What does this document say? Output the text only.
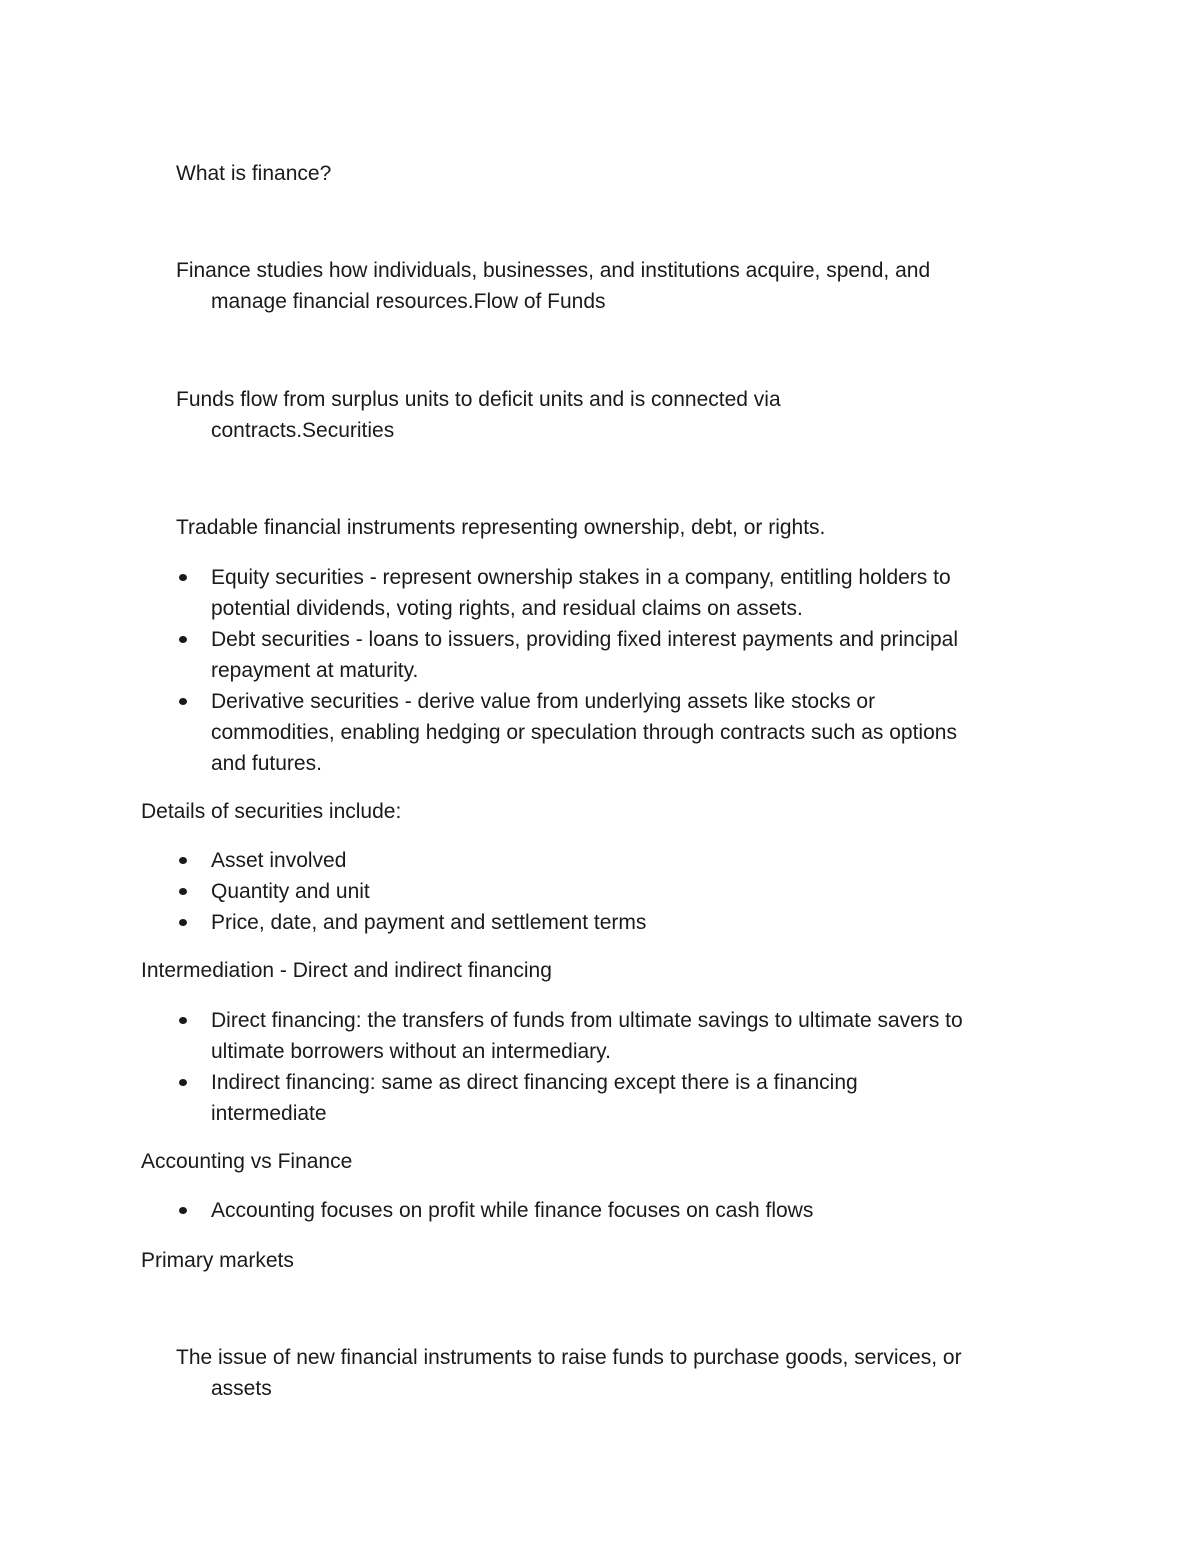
What is finance?
Finance studies how individuals, businesses, and institutions acquire, spend, and
manage financial resources.Flow of Funds
Funds flow from surplus units to deficit units and is connected via
contracts.Securities
Tradable financial instruments representing ownership, debt, or rights.
Equity securities - represent ownership stakes in a company, entitling holders to
potential dividends, voting rights, and residual claims on assets.
Debt securities - loans to issuers, providing fixed interest payments and principal
repayment at maturity.
Derivative securities - derive value from underlying assets like stocks or
commodities, enabling hedging or speculation through contracts such as options
and futures.
Details of securities include:
Asset involved
Quantity and unit
Price, date, and payment and settlement terms
Intermediation - Direct and indirect financing
Direct financing: the transfers of funds from ultimate savings to ultimate savers to
ultimate borrowers without an intermediary.
Indirect financing: same as direct financing except there is a financing
intermediate
Accounting vs Finance
Accounting focuses on profit while finance focuses on cash flows
Primary markets
The issue of new financial instruments to raise funds to purchase goods, services, or
assets
